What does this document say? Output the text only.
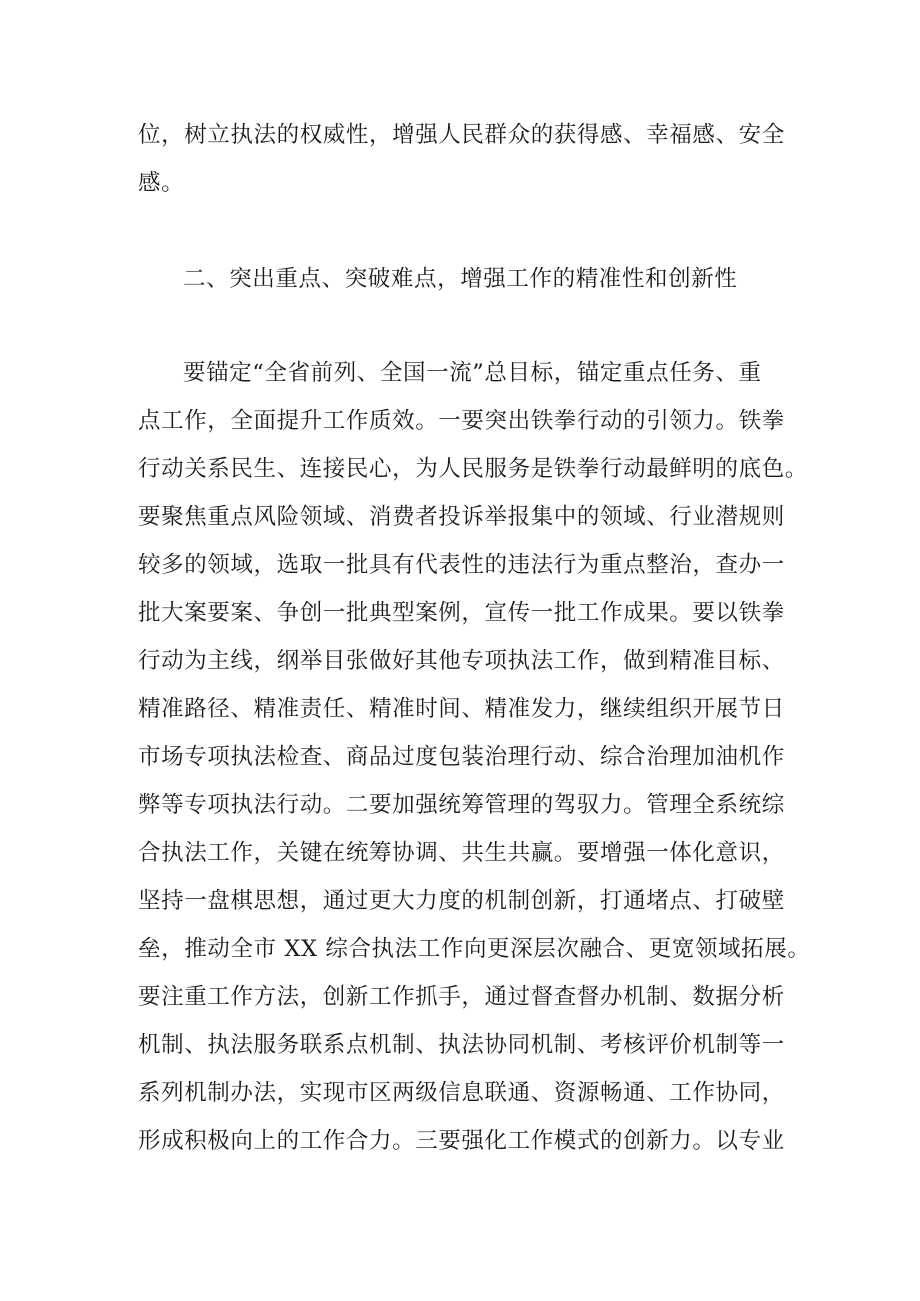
位，树立执法的权威性，增强人民群众的获得感、幸福感、安全
感。
二、突出重点、突破难点，增强工作的精准性和创新性
要锚定“全省前列、全国一流”总目标，锚定重点任务、重
点工作，全面提升工作质效。一要突出铁拳行动的引领力。铁拳
行动关系民生、连接民心，为人民服务是铁拳行动最鲜明的底色。
要聚焦重点风险领域、消费者投诉举报集中的领域、行业潜规则
较多的领域，选取一批具有代表性的违法行为重点整治，查办一
批大案要案、争创一批典型案例，宣传一批工作成果。要以铁拳
行动为主线，纲举目张做好其他专项执法工作，做到精准目标、
精准路径、精准责任、精准时间、精准发力，继续组织开展节日
市场专项执法检查、商品过度包装治理行动、综合治理加油机作
弊等专项执法行动。二要加强统筹管理的驾驭力。管理全系统综
合执法工作，关键在统筹协调、共生共赢。要增强一体化意识，
坚持一盘棋思想，通过更大力度的机制创新，打通堵点、打破壁
垒，推动全市 XX 综合执法工作向更深层次融合、更宽领域拓展。
要注重工作方法，创新工作抓手，通过督查督办机制、数据分析
机制、执法服务联系点机制、执法协同机制、考核评价机制等一
系列机制办法，实现市区两级信息联通、资源畅通、工作协同，
形成积极向上的工作合力。三要强化工作模式的创新力。以专业
